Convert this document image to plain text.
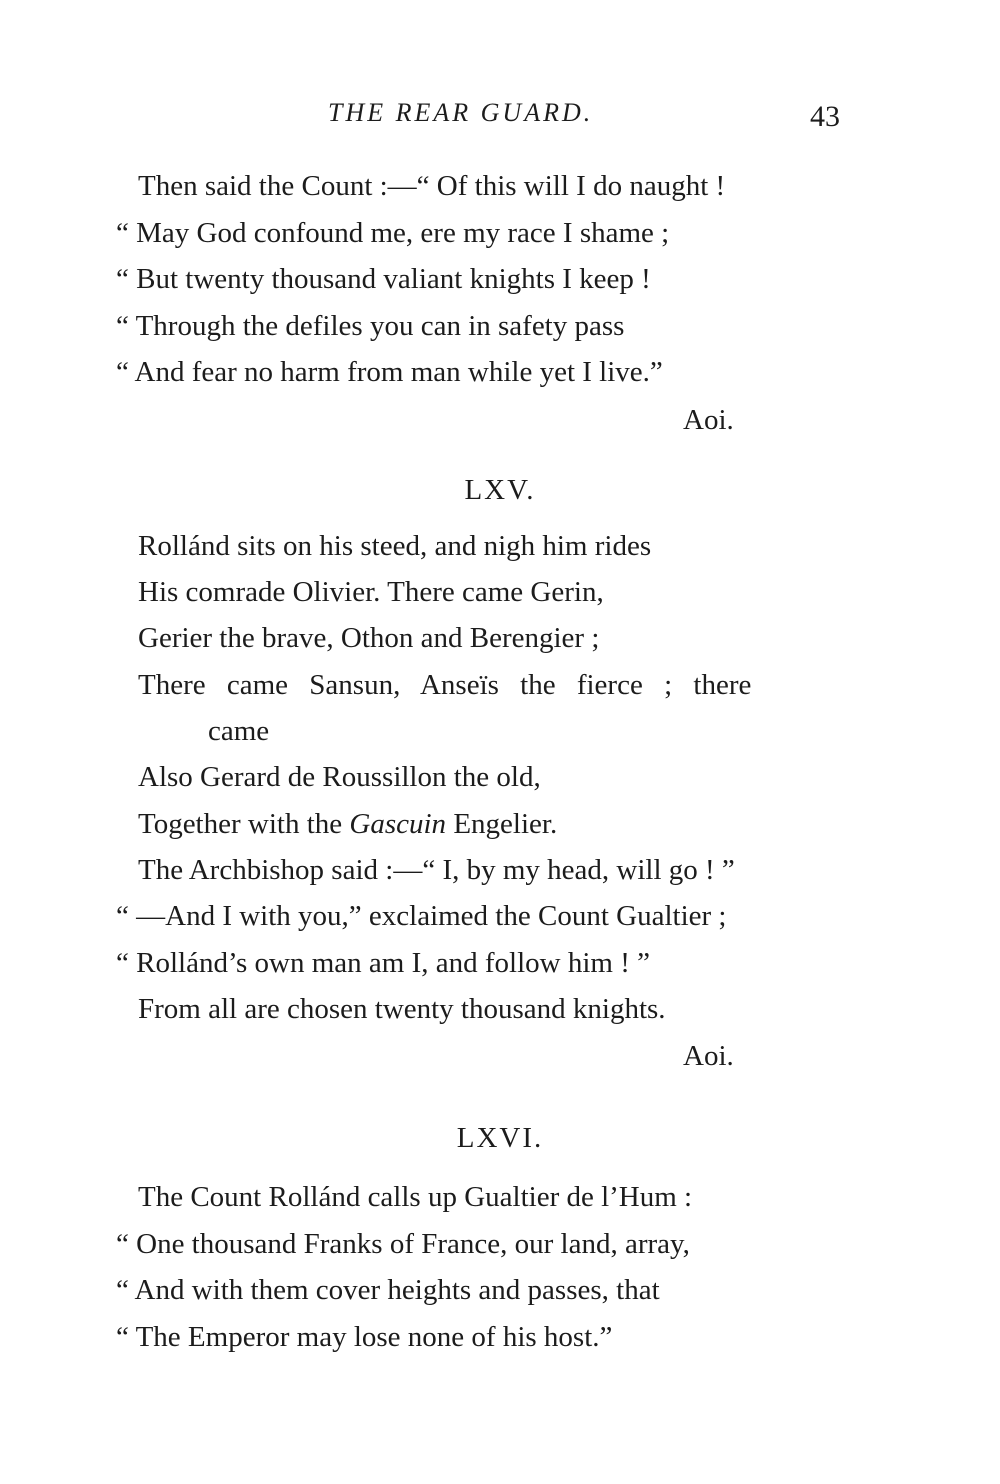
THE REAR GUARD.	43
Then said the Count :—“ Of this will I do naught !
“ May God confound me, ere my race I shame ;
“ But twenty thousand valiant knights I keep !
“ Through the defiles you can in safety pass
“ And fear no harm from man while yet I live.”
Aoi.
LXV.
Rollánd sits on his steed, and nigh him rides
His comrade Olivier. There came Gerin,
Gerier the brave, Othon and Berengier ;
There came Sansun, Anseïs the fierce ; there
came
Also Gerard de Roussillon the old,
Together with the Gascuin Engelier.
The Archbishop said :—“ I, by my head, will go ! ”
“ —And I with you,” exclaimed the Count Gualtier ;
“ Rollánd’s own man am I, and follow him ! ”
From all are chosen twenty thousand knights.
Aoi.
LXVI.
The Count Rollánd calls up Gualtier de l’Hum :
“ One thousand Franks of France, our land, array,
“ And with them cover heights and passes, that
“ The Emperor may lose none of his host.”
